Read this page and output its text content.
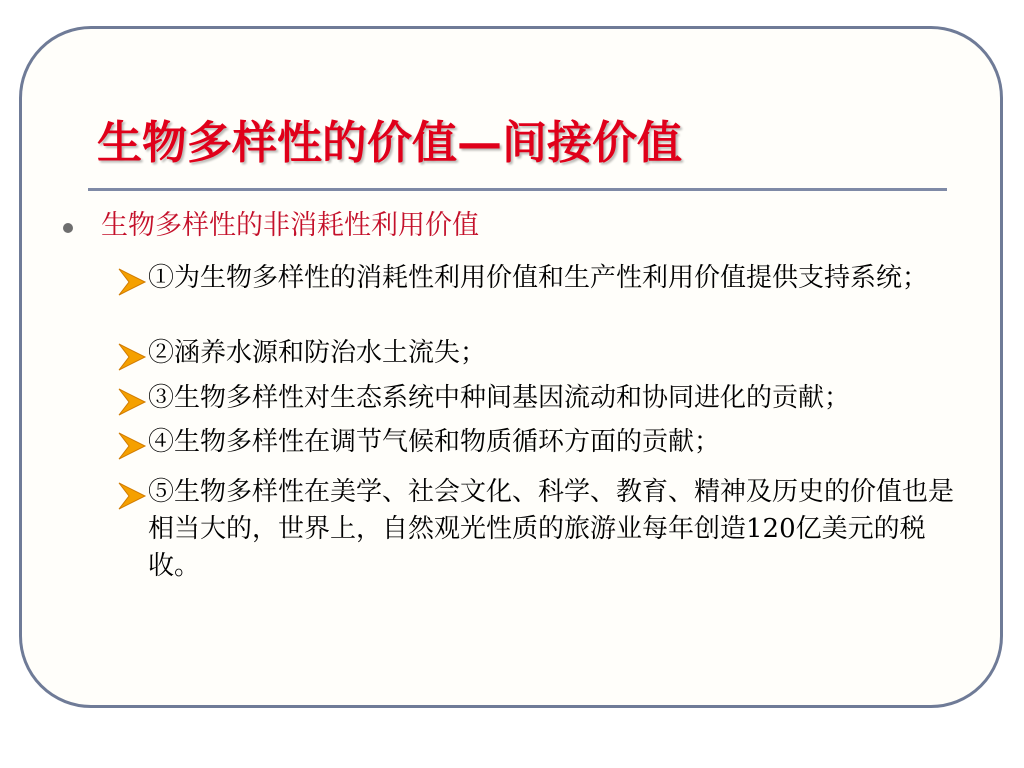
生物多样性的价值—间接价值
生物多样性的非消耗性利用价值

①为生物多样性的消耗性利用价值和生产性利用价值提供支持系统；

②涵养水源和防治水土流失；

③生物多样性对生态系统中种间基因流动和协同进化的贡献；

④生物多样性在调节气候和物质循环方面的贡献；

⑤生物多样性在美学、社会文化、科学、教育、精神及历史的价值也是相当大的，世界上，自然观光性质的旅游业每年创造120亿美元的税收。
